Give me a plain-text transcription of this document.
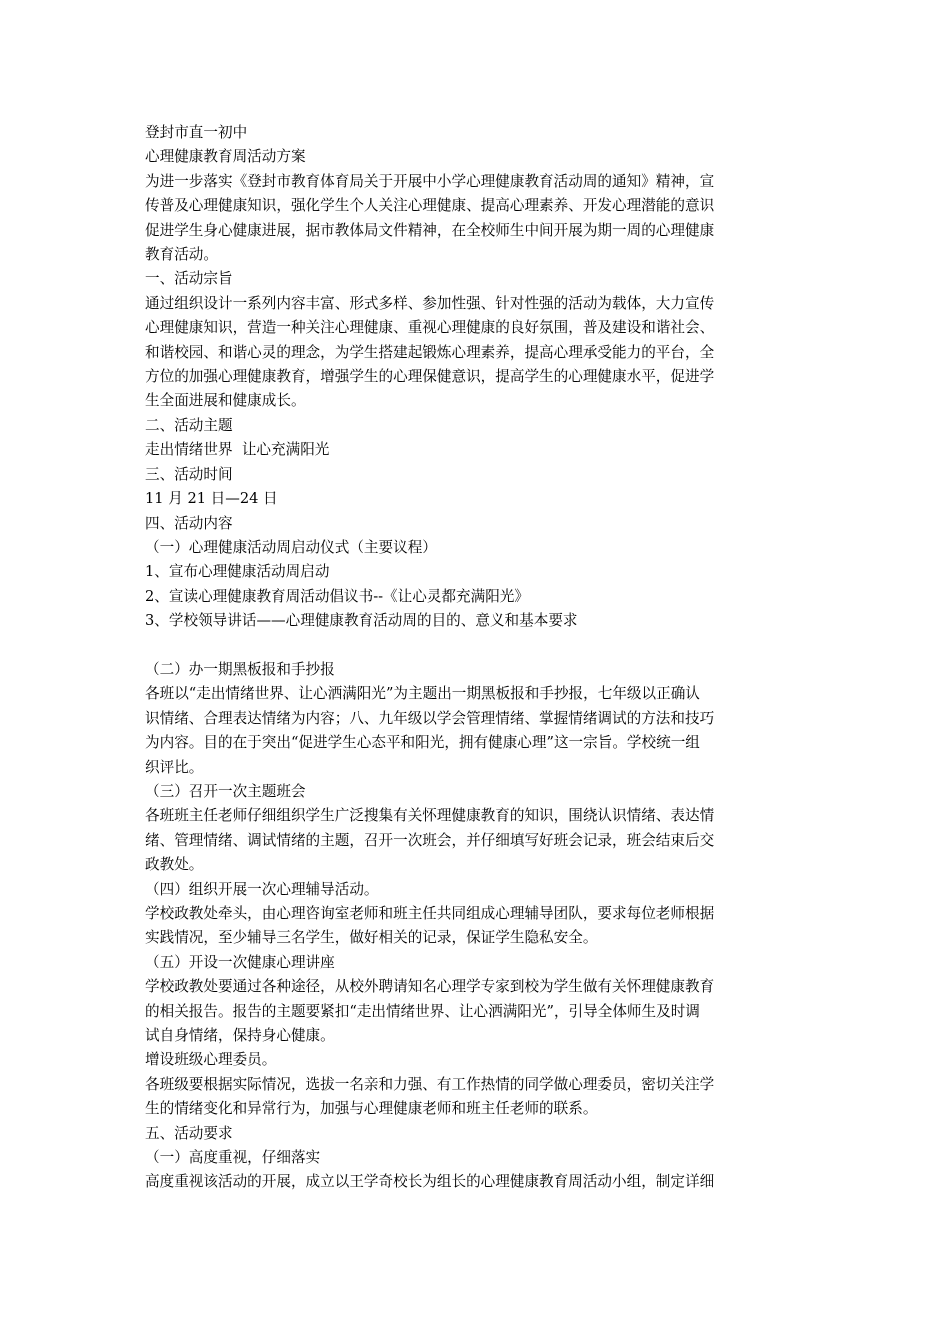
登封市直一初中

心理健康教育周活动方案

为进一步落实《登封市教育体育局关于开展中小学心理健康教育活动周的通知》精神，宣

传普及心理健康知识，强化学生个人关注心理健康、提高心理素养、开发心理潜能的意识

促进学生身心健康进展，据市教体局文件精神，在全校师生中间开展为期一周的心理健康

教育活动。

一、活动宗旨

通过组织设计一系列内容丰富、形式多样、参加性强、针对性强的活动为载体，大力宣传

心理健康知识，营造一种关注心理健康、重视心理健康的良好氛围，普及建设和谐社会、

和谐校园、和谐心灵的理念，为学生搭建起锻炼心理素养，提高心理承受能力的平台，全

方位的加强心理健康教育，增强学生的心理保健意识，提高学生的心理健康水平，促进学

生全面进展和健康成长。

二、活动主题

走出情绪世界  让心充满阳光

三、活动时间

11 月 21 日—24 日

四、活动内容

（一）心理健康活动周启动仪式（主要议程）

1、宣布心理健康活动周启动

2、宣读心理健康教育周活动倡议书--《让心灵都充满阳光》

3、学校领导讲话——心理健康教育活动周的目的、意义和基本要求

（二）办一期黑板报和手抄报

各班以“走出情绪世界、让心洒满阳光”为主题出一期黑板报和手抄报，七年级以正确认

识情绪、合理表达情绪为内容；八、九年级以学会管理情绪、掌握情绪调试的方法和技巧

为内容。目的在于突出“促进学生心态平和阳光，拥有健康心理”这一宗旨。学校统一组

织评比。

（三）召开一次主题班会

各班班主任老师仔细组织学生广泛搜集有关怀理健康教育的知识，围绕认识情绪、表达情

绪、管理情绪、调试情绪的主题，召开一次班会，并仔细填写好班会记录，班会结束后交

政教处。

（四）组织开展一次心理辅导活动。

学校政教处牵头，由心理咨询室老师和班主任共同组成心理辅导团队，要求每位老师根据

实践情况，至少辅导三名学生，做好相关的记录，保证学生隐私安全。

（五）开设一次健康心理讲座

学校政教处要通过各种途径，从校外聘请知名心理学专家到校为学生做有关怀理健康教育

的相关报告。报告的主题要紧扣“走出情绪世界、让心洒满阳光”，引导全体师生及时调

试自身情绪，保持身心健康。

增设班级心理委员。

各班级要根据实际情况，选拔一名亲和力强、有工作热情的同学做心理委员，密切关注学

生的情绪变化和异常行为，加强与心理健康老师和班主任老师的联系。

五、活动要求

（一）高度重视，仔细落实

高度重视该活动的开展，成立以王学奇校长为组长的心理健康教育周活动小组，制定详细
